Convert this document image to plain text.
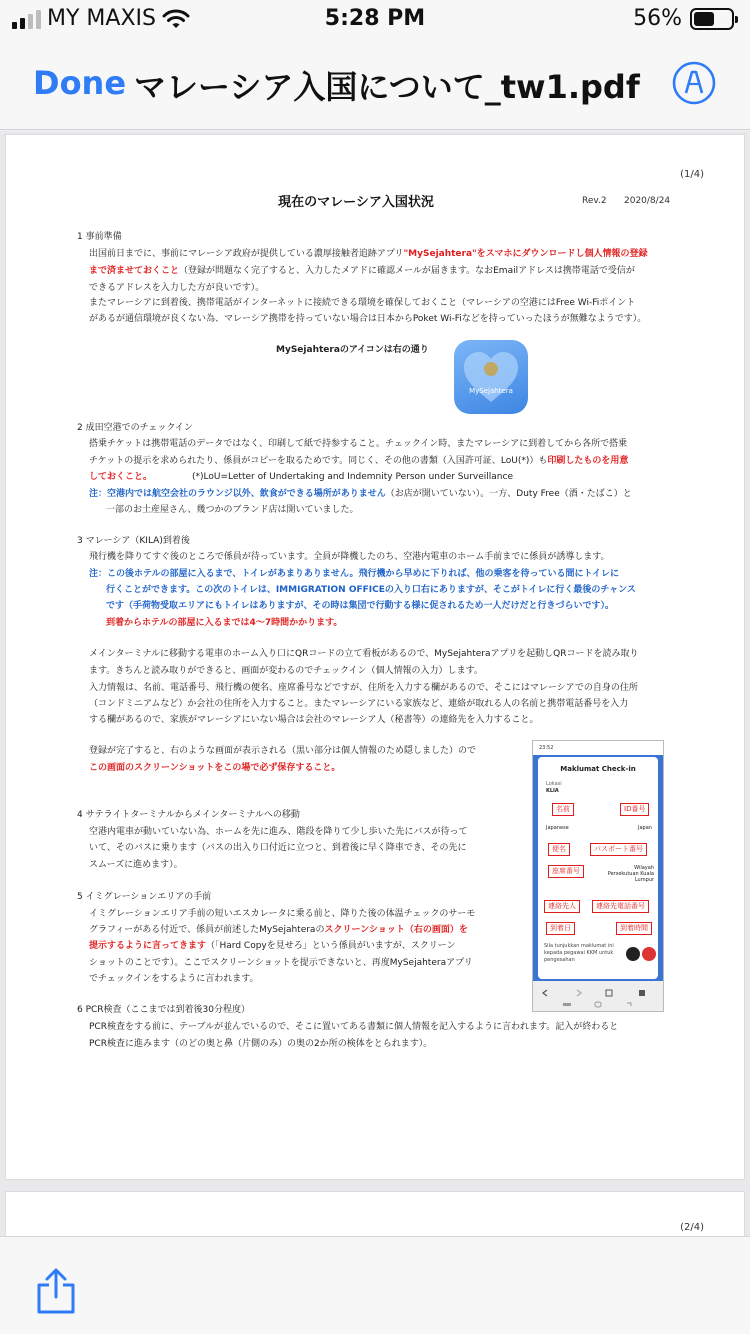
MY MAXIS	5:28 PM	56%
Done マレーシア入国について_tw1.pdf
(1/4)
現在のマレーシア入国状況	Rev.2 2020/8/24
1 事前準備
出国前日までに、事前にマレーシア政府が提供している濃厚接触者追跡アプリ"MySejahtera"をスマホにダウンロードし個人情報の登録
まで済ませておくこと（登録が問題なく完了すると、入力したメアドに確認メールが届きます。なおEmailアドレスは携帯電話で受信が
できるアドレスを入力した方が良いです）。
またマレーシアに到着後、携帯電話がインターネットに接続できる環境を確保しておくこと（マレーシアの空港にはFree Wi-Fiポイント
があるが通信環境が良くない為、マレーシア携帯を持っていない場合は日本からPoket Wi-Fiなどを持っていったほうが無難なようです）。
MySejahteraのアイコンは右の通り
MySejahtera
2 成田空港でのチェックイン
搭乗チケットは携帯電話のデータではなく、印刷して紙で持参すること。チェックイン時、またマレーシアに到着してから各所で搭乗
チケットの提示を求められたり、係員がコピーを取るためです。同じく、その他の書類（入国許可証、LoU(*)）も印刷したものを用意
しておくこと。	(*)LoU=Letter of Undertaking and Indemnity Person under Surveillance
注：空港内では航空会社のラウンジ以外、飲食ができる場所がありません（お店が開いていない）。一方、Duty Free（酒・たばこ）と
一部のお土産屋さん、幾つかのブランド店は開いていました。
3 マレーシア（KILA)到着後
飛行機を降りてすぐ後のところで係員が待っています。全員が降機したのち、空港内電車のホーム手前までに係員が誘導します。
注：この後ホテルの部屋に入るまで、トイレがあまりありません。飛行機から早めに下りれば、他の乗客を待っている間にトイレに
行くことができます。この次のトイレは、IMMIGRATION OFFICEの入り口右にありますが、そこがトイレに行く最後のチャンス
です（手荷物受取エリアにもトイレはありますが、その時は集団で行動する様に促されるため一人だけだと行きづらいです）。
到着からホテルの部屋に入るまでは4～7時間かかります。
メインターミナルに移動する電車のホーム入り口にQRコードの立て看板があるので、MySejahteraアプリを起動しQRコードを読み取り
ます。きちんと読み取りができると、画面が変わるのでチェックイン（個人情報の入力）します。
入力情報は、名前、電話番号、飛行機の便名、座席番号などですが、住所を入力する欄があるので、そこにはマレーシアでの自身の住所
（コンドミニアムなど）か会社の住所を入力すること。またマレーシアにいる家族など、連絡が取れる人の名前と携帯電話番号を入力
する欄があるので、家族がマレーシアにいない場合は会社のマレーシア人（秘書等）の連絡先を入力すること。
登録が完了すると、右のような画面が表示される（黒い部分は個人情報のため隠しました）ので
この画面のスクリーンショットをこの場で必ず保存すること。
4 サテライトターミナルからメインターミナルへの移動
空港内電車が動いていない為、ホームを先に進み、階段を降りて少し歩いた先にバスが待って
いて、そのバスに乗ります（バスの出入り口付近に立つと、到着後に早く降車でき、その先に
スムーズに進めます）。
5 イミグレーションエリアの手前
イミグレーションエリア手前の短いエスカレータに乗る前と、降りた後の体温チェックのサーモ
グラフィーがある付近で、係員が前述したMySejahteraのスクリーンショット（右の画面）を
提示するように言ってきます（「Hard Copyを見せろ」という係員がいますが、スクリーン
ショットのことです）。ここでスクリーンショットを提示できないと、再度MySejahteraアプリ
でチェックインをするように言われます。
6 PCR検査（ここまでは到着後30分程度）
PCR検査をする前に、テーブルが並んでいるので、そこに置いてある書類に個人情報を記入するように言われます。記入が終わると
PCR検査に進みます（のどの奥と鼻（片側のみ）の奥の2か所の検体をとられます）。
23:52
Maklumat Check-in
Lokasi
KLIA
名前	ID番号
Japanese	Japan
便名	パスポート番号
座席番号	Wilayah Persekutuan Kuala Lumpur
連絡先人	連絡先電話番号
到着日	到着時間
Sila tunjukkan maklumat ini kepada pegawai KKM untuk pengesahan
(2/4)
